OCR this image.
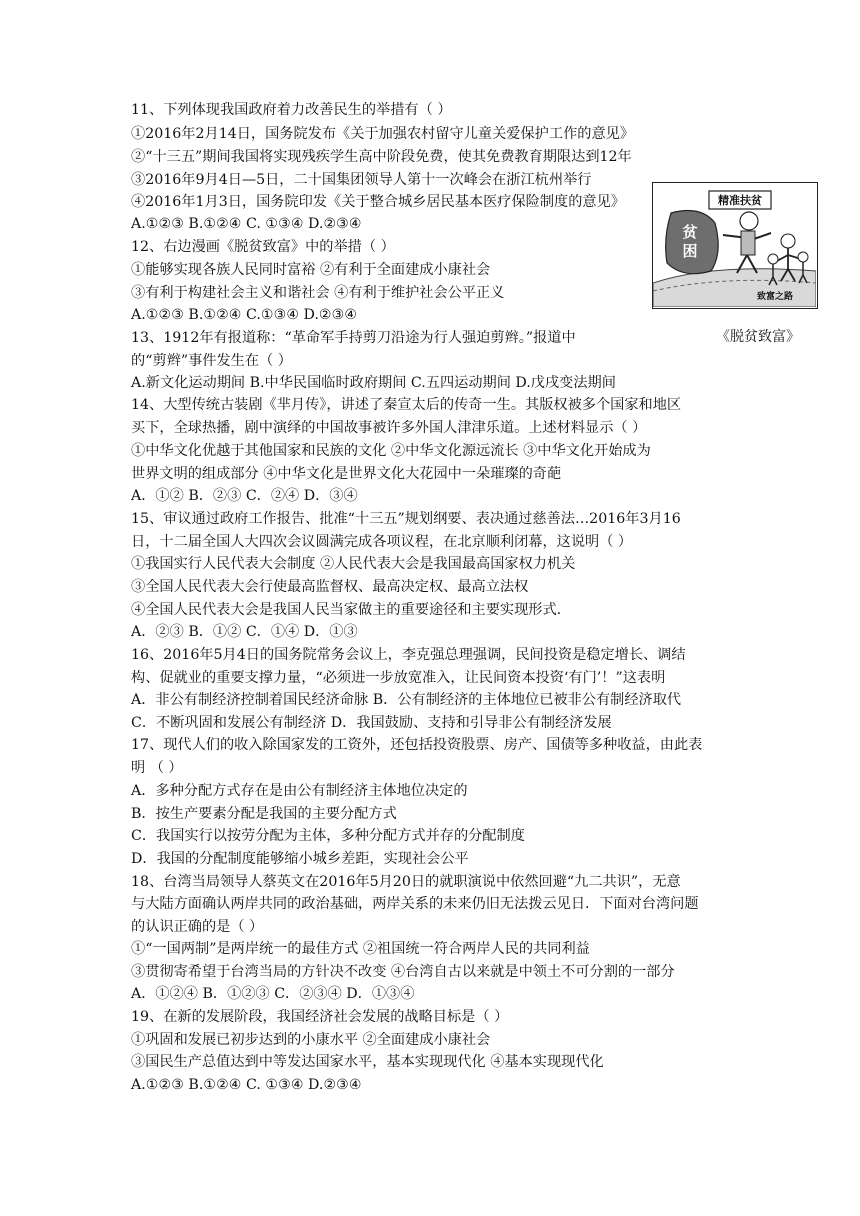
11、下列体现我国政府着力改善民生的举措有（ ）
①2016年2月14日，国务院发布《关于加强农村留守儿童关爱保护工作的意见》
②“十三五”期间我国将实现残疾学生高中阶段免费，使其免费教育期限达到12年
③2016年9月4日—5日，二十国集团领导人第十一次峰会在浙江杭州举行
④2016年1月3日，国务院印发《关于整合城乡居民基本医疗保险制度的意见》
A.①②③ B.①②④ C. ①③④ D.②③④
12、右边漫画《脱贫致富》中的举措（ ）
①能够实现各族人民同时富裕 ②有利于全面建成小康社会
③有利于构建社会主义和谐社会 ④有利于维护社会公平正义
A.①②③ B.①②④ C.①③④ D.②③④
13、1912年有报道称：“革命军手持剪刀沿途为行人强迫剪辫。”报道中
的“剪辫”事件发生在（ ）
A.新文化运动期间 B.中华民国临时政府期间 C.五四运动期间 D.戊戌变法期间
14、大型传统古装剧《芈月传》，讲述了秦宣太后的传奇一生。其版权被多个国家和地区
买下，全球热播，剧中演绎的中国故事被许多外国人津津乐道。上述材料显示（ ）
①中华文化优越于其他国家和民族的文化 ②中华文化源远流长 ③中华文化开始成为
世界文明的组成部分 ④中华文化是世界文化大花园中一朵璀璨的奇葩
A．①② B．②③ C．②④ D．③④
15、审议通过政府工作报告、批准“十三五”规划纲要、表决通过慈善法…2016年3月16
日，十二届全国人大四次会议圆满完成各项议程，在北京顺利闭幕，这说明（ ）
①我国实行人民代表大会制度 ②人民代表大会是我国最高国家权力机关
③全国人民代表大会行使最高监督权、最高决定权、最高立法权
④全国人民代表大会是我国人民当家做主的重要途径和主要实现形式.
A．②③ B．①② C．①④ D．①③
16、2016年5月4日的国务院常务会议上，李克强总理强调，民间投资是稳定增长、调结
构、促就业的重要支撑力量，“必须进一步放宽准入，让民间资本投资‘有门’！”这表明
A．非公有制经济控制着国民经济命脉 B．公有制经济的主体地位已被非公有制经济取代
C．不断巩固和发展公有制经济 D．我国鼓励、支持和引导非公有制经济发展
17、现代人们的收入除国家发的工资外，还包括投资股票、房产、国债等多种收益，由此表
明 （ ）
A．多种分配方式存在是由公有制经济主体地位决定的
B．按生产要素分配是我国的主要分配方式
C．我国实行以按劳分配为主体，多种分配方式并存的分配制度
D．我国的分配制度能够缩小城乡差距，实现社会公平
18、台湾当局领导人蔡英文在2016年5月20日的就职演说中依然回避“九二共识”，无意
与大陆方面确认两岸共同的政治基础，两岸关系的未来仍旧无法拨云见日．下面对台湾问题
的认识正确的是（ ）
①“一国两制”是两岸统一的最佳方式 ②祖国统一符合两岸人民的共同利益
③贯彻寄希望于台湾当局的方针决不改变 ④台湾自古以来就是中领土不可分割的一部分
A．①②④ B．①②③ C．②③④ D．①③④
19、在新的发展阶段，我国经济社会发展的战略目标是（ ）
①巩固和发展已初步达到的小康水平 ②全面建成小康社会
③国民生产总值达到中等发达国家水平，基本实现现代化 ④基本实现现代化
A.①②③ B.①②④ C. ①③④ D.②③④
精准扶贫
贫
困
致富之路
《脱贫致富》
